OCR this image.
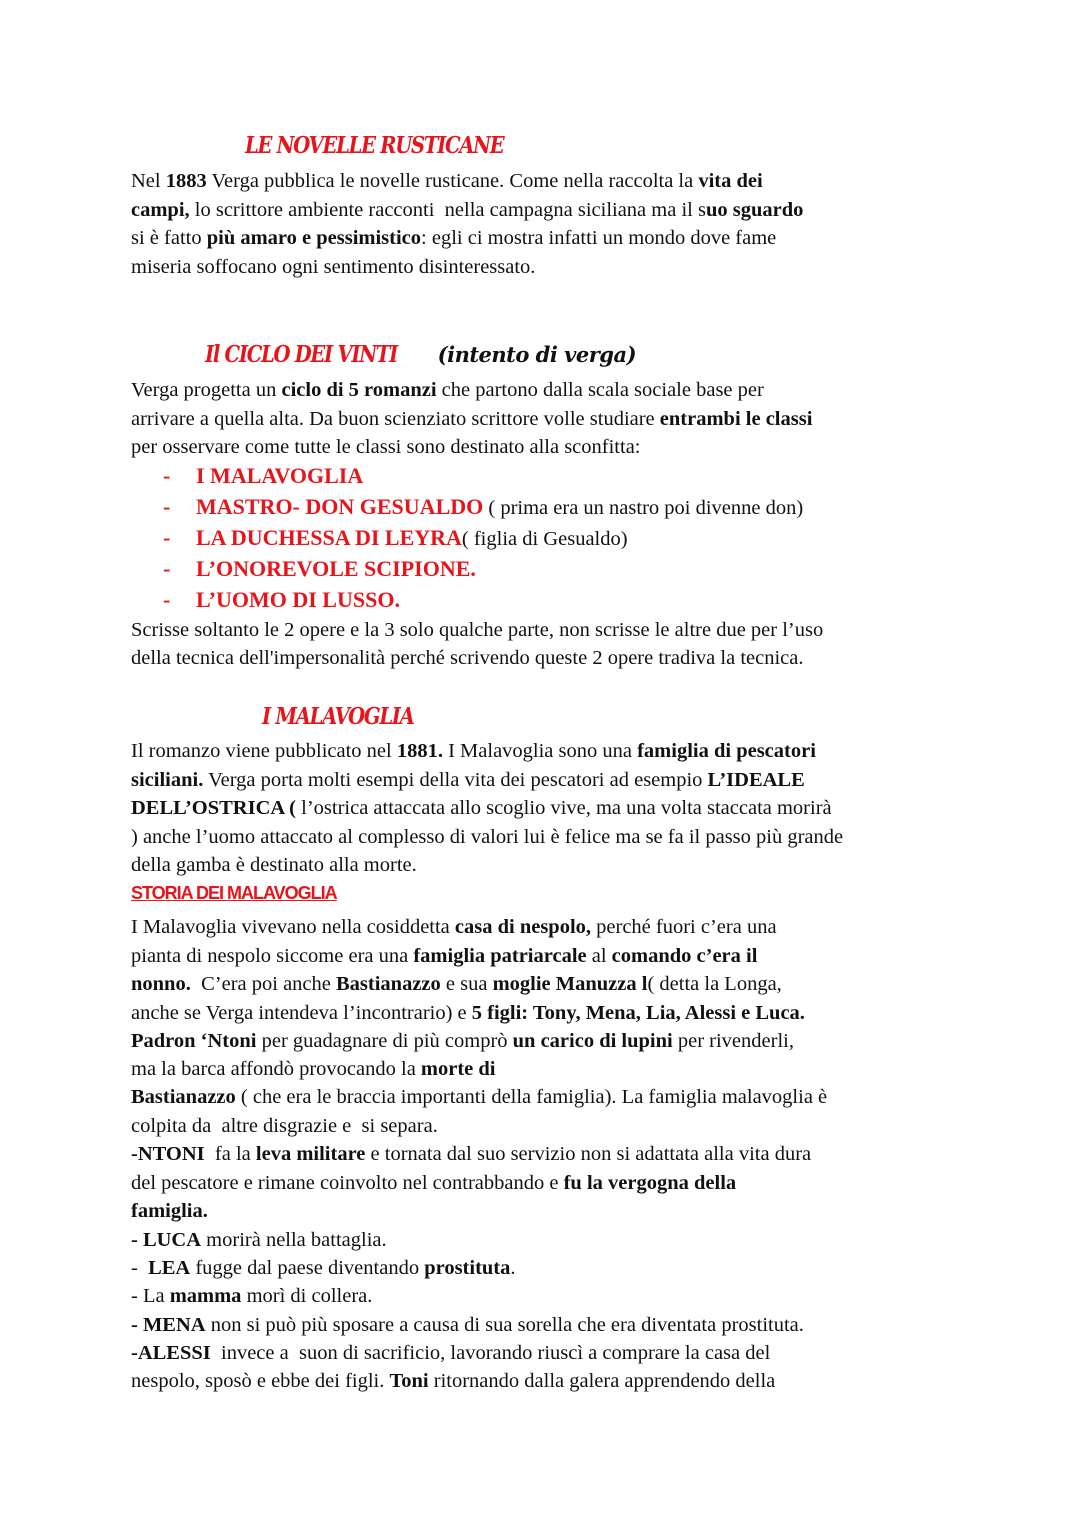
LE NOVELLE RUSTICANE
Nel 1883 Verga pubblica le novelle rusticane. Come nella raccolta la vita dei
campi, lo scrittore ambiente racconti  nella campagna siciliana ma il suo sguardo
si è fatto più amaro e pessimistico: egli ci mostra infatti un mondo dove fame
miseria soffocano ogni sentimento disinteressato.
Il CICLO DEI VINTI (intento di verga)
Verga progetta un ciclo di 5 romanzi che partono dalla scala sociale base per
arrivare a quella alta. Da buon scienziato scrittore volle studiare entrambi le classi
per osservare come tutte le classi sono destinato alla sconfitta:
- I MALAVOGLIA
- MASTRO- DON GESUALDO ( prima era un nastro poi divenne don)
- LA DUCHESSA DI LEYRA( figlia di Gesualdo)
- L’ONOREVOLE SCIPIONE.
- L’UOMO DI LUSSO.
Scrisse soltanto le 2 opere e la 3 solo qualche parte, non scrisse le altre due per l’uso
della tecnica dell'impersonalità perché scrivendo queste 2 opere tradiva la tecnica.
I MALAVOGLIA
Il romanzo viene pubblicato nel 1881. I Malavoglia sono una famiglia di pescatori
siciliani. Verga porta molti esempi della vita dei pescatori ad esempio L’IDEALE
DELL’OSTRICA ( l’ostrica attaccata allo scoglio vive, ma una volta staccata morirà
) anche l’uomo attaccato al complesso di valori lui è felice ma se fa il passo più grande
della gamba è destinato alla morte.
STORIA DEI MALAVOGLIA
I Malavoglia vivevano nella cosiddetta casa di nespolo, perché fuori c’era una
pianta di nespolo siccome era una famiglia patriarcale al comando c’era il
nonno.  C’era poi anche Bastianazzo e sua moglie Manuzza l( detta la Longa,
anche se Verga intendeva l’incontrario) e 5 figli: Tony, Mena, Lia, Alessi e Luca.
Padron ‘Ntoni per guadagnare di più comprò un carico di lupini per rivenderli,
ma la barca affondò provocando la morte di
Bastianazzo ( che era le braccia importanti della famiglia). La famiglia malavoglia è
colpita da  altre disgrazie e  si separa.
-NTONI  fa la leva militare e tornata dal suo servizio non si adattata alla vita dura
del pescatore e rimane coinvolto nel contrabbando e fu la vergogna della
famiglia.
- LUCA morirà nella battaglia.
-  LEA fugge dal paese diventando prostituta.
- La mamma morì di collera.
- MENA non si può più sposare a causa di sua sorella che era diventata prostituta.
-ALESSI  invece a  suon di sacrificio, lavorando riuscì a comprare la casa del
nespolo, sposò e ebbe dei figli. Toni ritornando dalla galera apprendendo della
